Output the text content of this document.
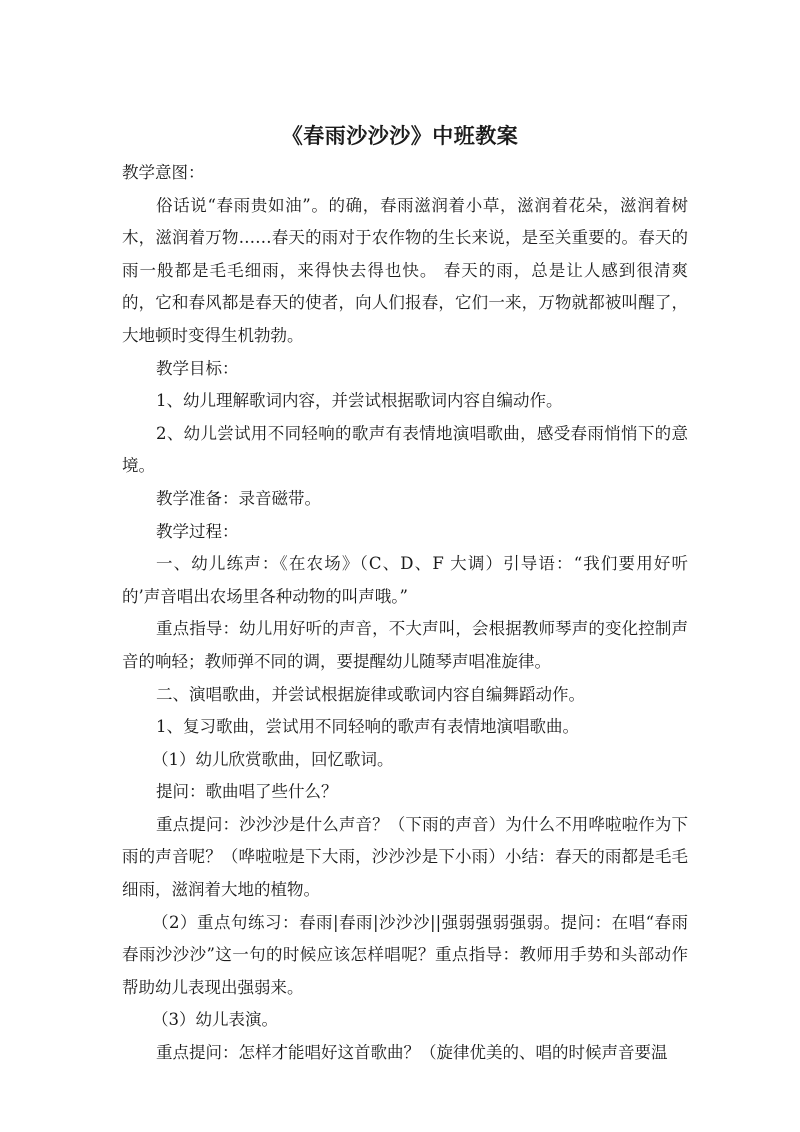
《春雨沙沙沙》中班教案

教学意图：

俗话说“春雨贵如油”。的确，春雨滋润着小草，滋润着花朵，滋润着树木，滋润着万物……春天的雨对于农作物的生长来说，是至关重要的。春天的雨一般都是毛毛细雨，来得快去得也快。 春天的雨，总是让人感到很清爽的，它和春风都是春天的使者，向人们报春，它们一来，万物就都被叫醒了，大地顿时变得生机勃勃。

教学目标：

1、幼儿理解歌词内容，并尝试根据歌词内容自编动作。

2、幼儿尝试用不同轻响的歌声有表情地演唱歌曲，感受春雨悄悄下的意境。

教学准备：录音磁带。

教学过程：

一、幼儿练声：《在农场》（C、D、F 大调）引导语：“我们要用好听的’声音唱出农场里各种动物的叫声哦。”

重点指导：幼儿用好听的声音，不大声叫，会根据教师琴声的变化控制声音的响轻；教师弹不同的调，要提醒幼儿随琴声唱准旋律。

二、演唱歌曲，并尝试根据旋律或歌词内容自编舞蹈动作。

1、复习歌曲，尝试用不同轻响的歌声有表情地演唱歌曲。

（1）幼儿欣赏歌曲，回忆歌词。

提问：歌曲唱了些什么？

重点提问：沙沙沙是什么声音？（下雨的声音）为什么不用哗啦啦作为下雨的声音呢？（哗啦啦是下大雨，沙沙沙是下小雨）小结：春天的雨都是毛毛细雨，滋润着大地的植物。

（2）重点句练习：春雨|春雨|沙沙沙||强弱强弱强弱。提问：在唱“春雨春雨沙沙沙”这一句的时候应该怎样唱呢？重点指导：教师用手势和头部动作帮助幼儿表现出强弱来。

（3）幼儿表演。

重点提问：怎样才能唱好这首歌曲？（旋律优美的、唱的时候声音要温
